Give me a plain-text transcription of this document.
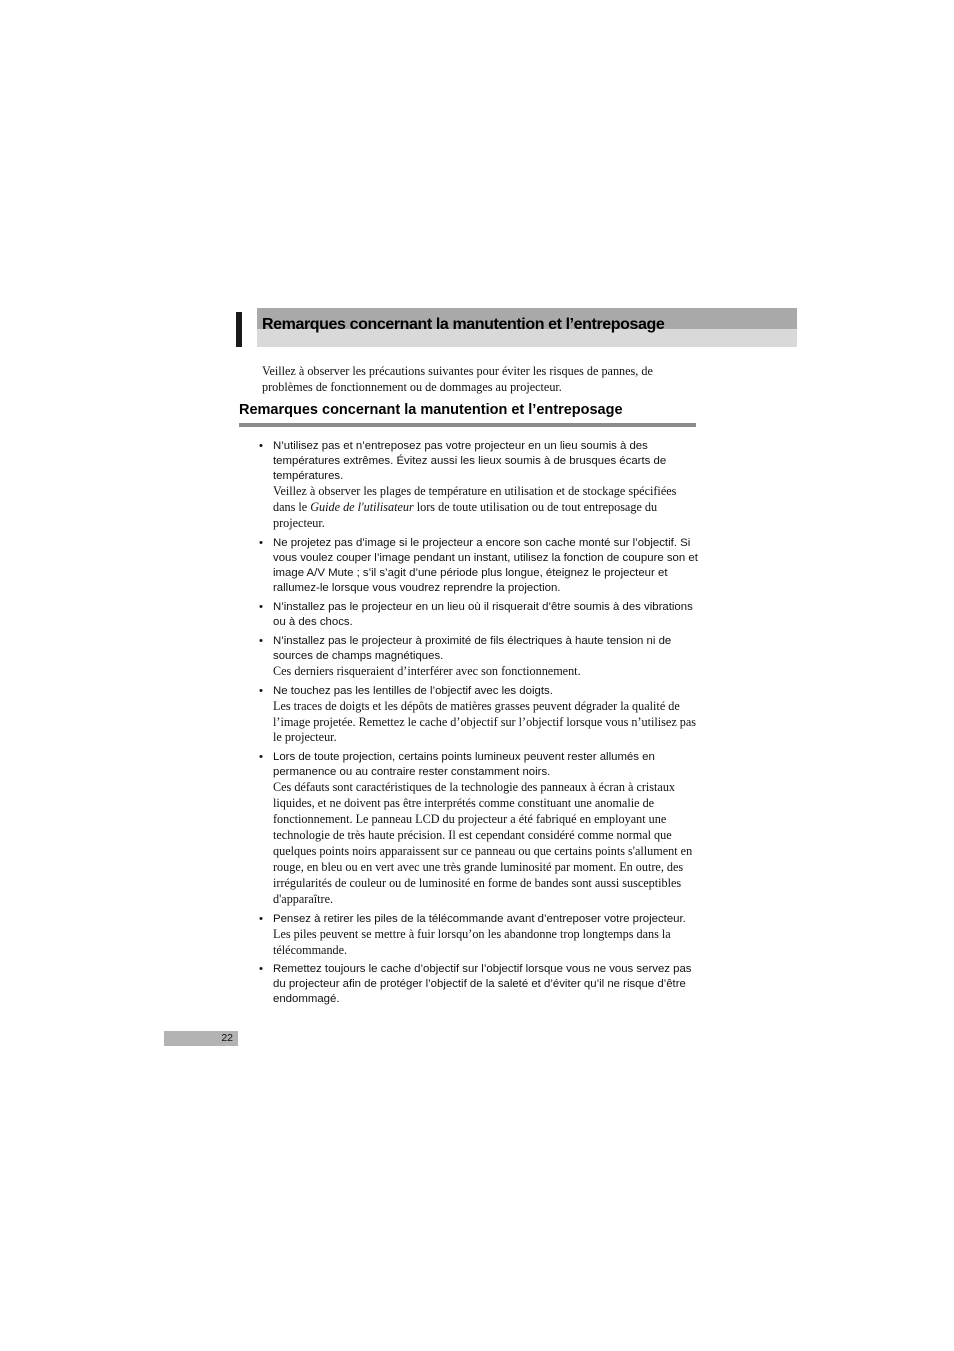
Remarques concernant la manutention et l’entreposage
Veillez à observer les précautions suivantes pour éviter les risques de pannes, de problèmes de fonctionnement ou de dommages au projecteur.
Remarques concernant la manutention et l’entreposage
• N’utilisez pas et n’entreposez pas votre projecteur en un lieu soumis à des températures extrêmes. Évitez aussi les lieux soumis à de brusques écarts de températures.
Veillez à observer les plages de température en utilisation et de stockage spécifiées dans le Guide de l'utilisateur lors de toute utilisation ou de tout entreposage du projecteur.
• Ne projetez pas d’image si le projecteur a encore son cache monté sur l’objectif. Si vous voulez couper l’image pendant un instant, utilisez la fonction de coupure son et image A/V Mute ; s’il s’agit d’une période plus longue, éteignez le projecteur et rallumez-le lorsque vous voudrez reprendre la projection.
• N’installez pas le projecteur en un lieu où il risquerait d’être soumis à des vibrations ou à des chocs.
• N’installez pas le projecteur à proximité de fils électriques à haute tension ni de sources de champs magnétiques.
Ces derniers risqueraient d’interférer avec son fonctionnement.
• Ne touchez pas les lentilles de l’objectif avec les doigts.
Les traces de doigts et les dépôts de matières grasses peuvent dégrader la qualité de l’image projetée. Remettez le cache d’objectif sur l’objectif lorsque vous n’utilisez pas le projecteur.
• Lors de toute projection, certains points lumineux peuvent rester allumés en permanence ou au contraire rester constamment noirs.
Ces défauts sont caractéristiques de la technologie des panneaux à écran à cristaux liquides, et ne doivent pas être interprétés comme constituant une anomalie de fonctionnement. Le panneau LCD du projecteur a été fabriqué en employant une technologie de très haute précision. Il est cependant considéré comme normal que quelques points noirs apparaissent sur ce panneau ou que certains points s'allument en rouge, en bleu ou en vert avec une très grande luminosité par moment. En outre, des irrégularités de couleur ou de luminosité en forme de bandes sont aussi susceptibles d'apparaître.
• Pensez à retirer les piles de la télécommande avant d’entreposer votre projecteur.
Les piles peuvent se mettre à fuir lorsqu’on les abandonne trop longtemps dans la télécommande.
• Remettez toujours le cache d’objectif sur l’objectif lorsque vous ne vous servez pas du projecteur afin de protéger l’objectif de la saleté et d’éviter qu’il ne risque d’être endommagé.
22
